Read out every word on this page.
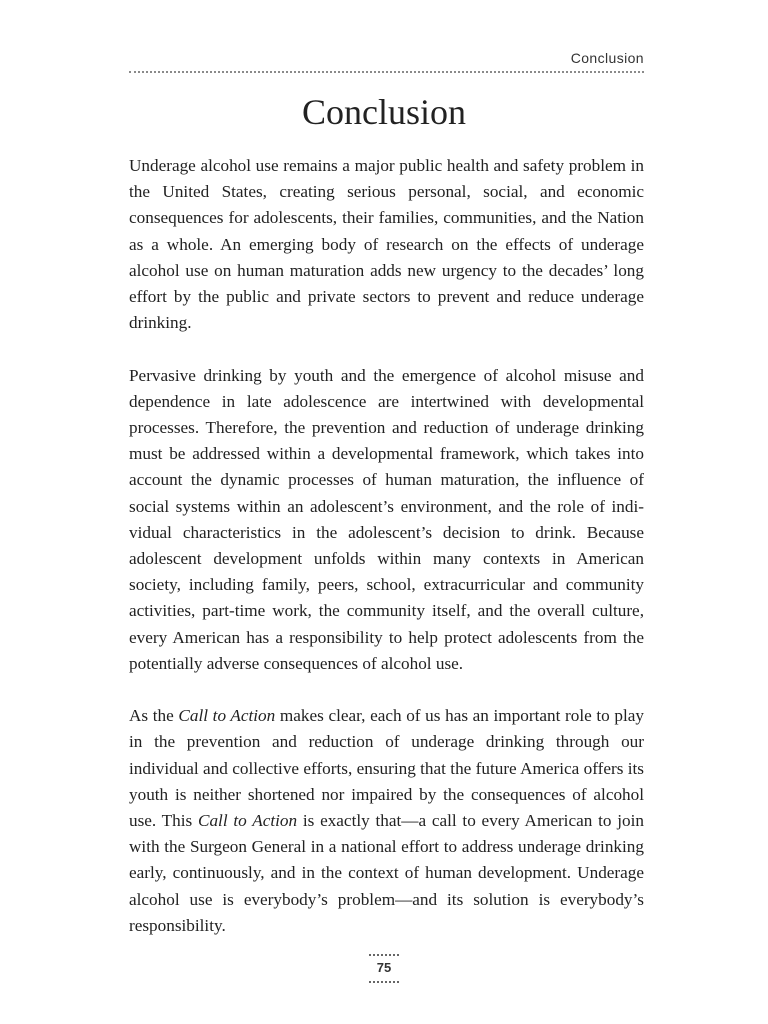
Conclusion
Conclusion

Underage alcohol use remains a major public health and safety problem in the United States, creating serious personal, social, and economic consequences for adolescents, their families, communities, and the Nation as a whole. An emerging body of research on the effects of underage alcohol use on human maturation adds new urgency to the decades’ long effort by the public and private sectors to prevent and reduce underage drinking.

Pervasive drinking by youth and the emergence of alcohol misuse and dependence in late adolescence are intertwined with developmental processes. Therefore, the prevention and reduction of underage drinking must be addressed within a developmental framework, which takes into account the dynamic processes of human maturation, the influence of social systems within an adolescent’s environment, and the role of individual characteristics in the adolescent’s decision to drink. Because adolescent development unfolds within many contexts in American society, including family, peers, school, extracurricular and community activities, part-time work, the community itself, and the overall culture, every American has a responsibility to help protect adolescents from the potentially adverse consequences of alcohol use.

As the Call to Action makes clear, each of us has an important role to play in the prevention and reduction of underage drinking through our individual and collective efforts, ensuring that the future America offers its youth is neither shortened nor impaired by the consequences of alcohol use. This Call to Action is exactly that—a call to every American to join with the Surgeon General in a national effort to address underage drinking early, continuously, and in the context of human development. Underage alcohol use is everybody’s problem—and its solution is everybody’s responsibility.

75
